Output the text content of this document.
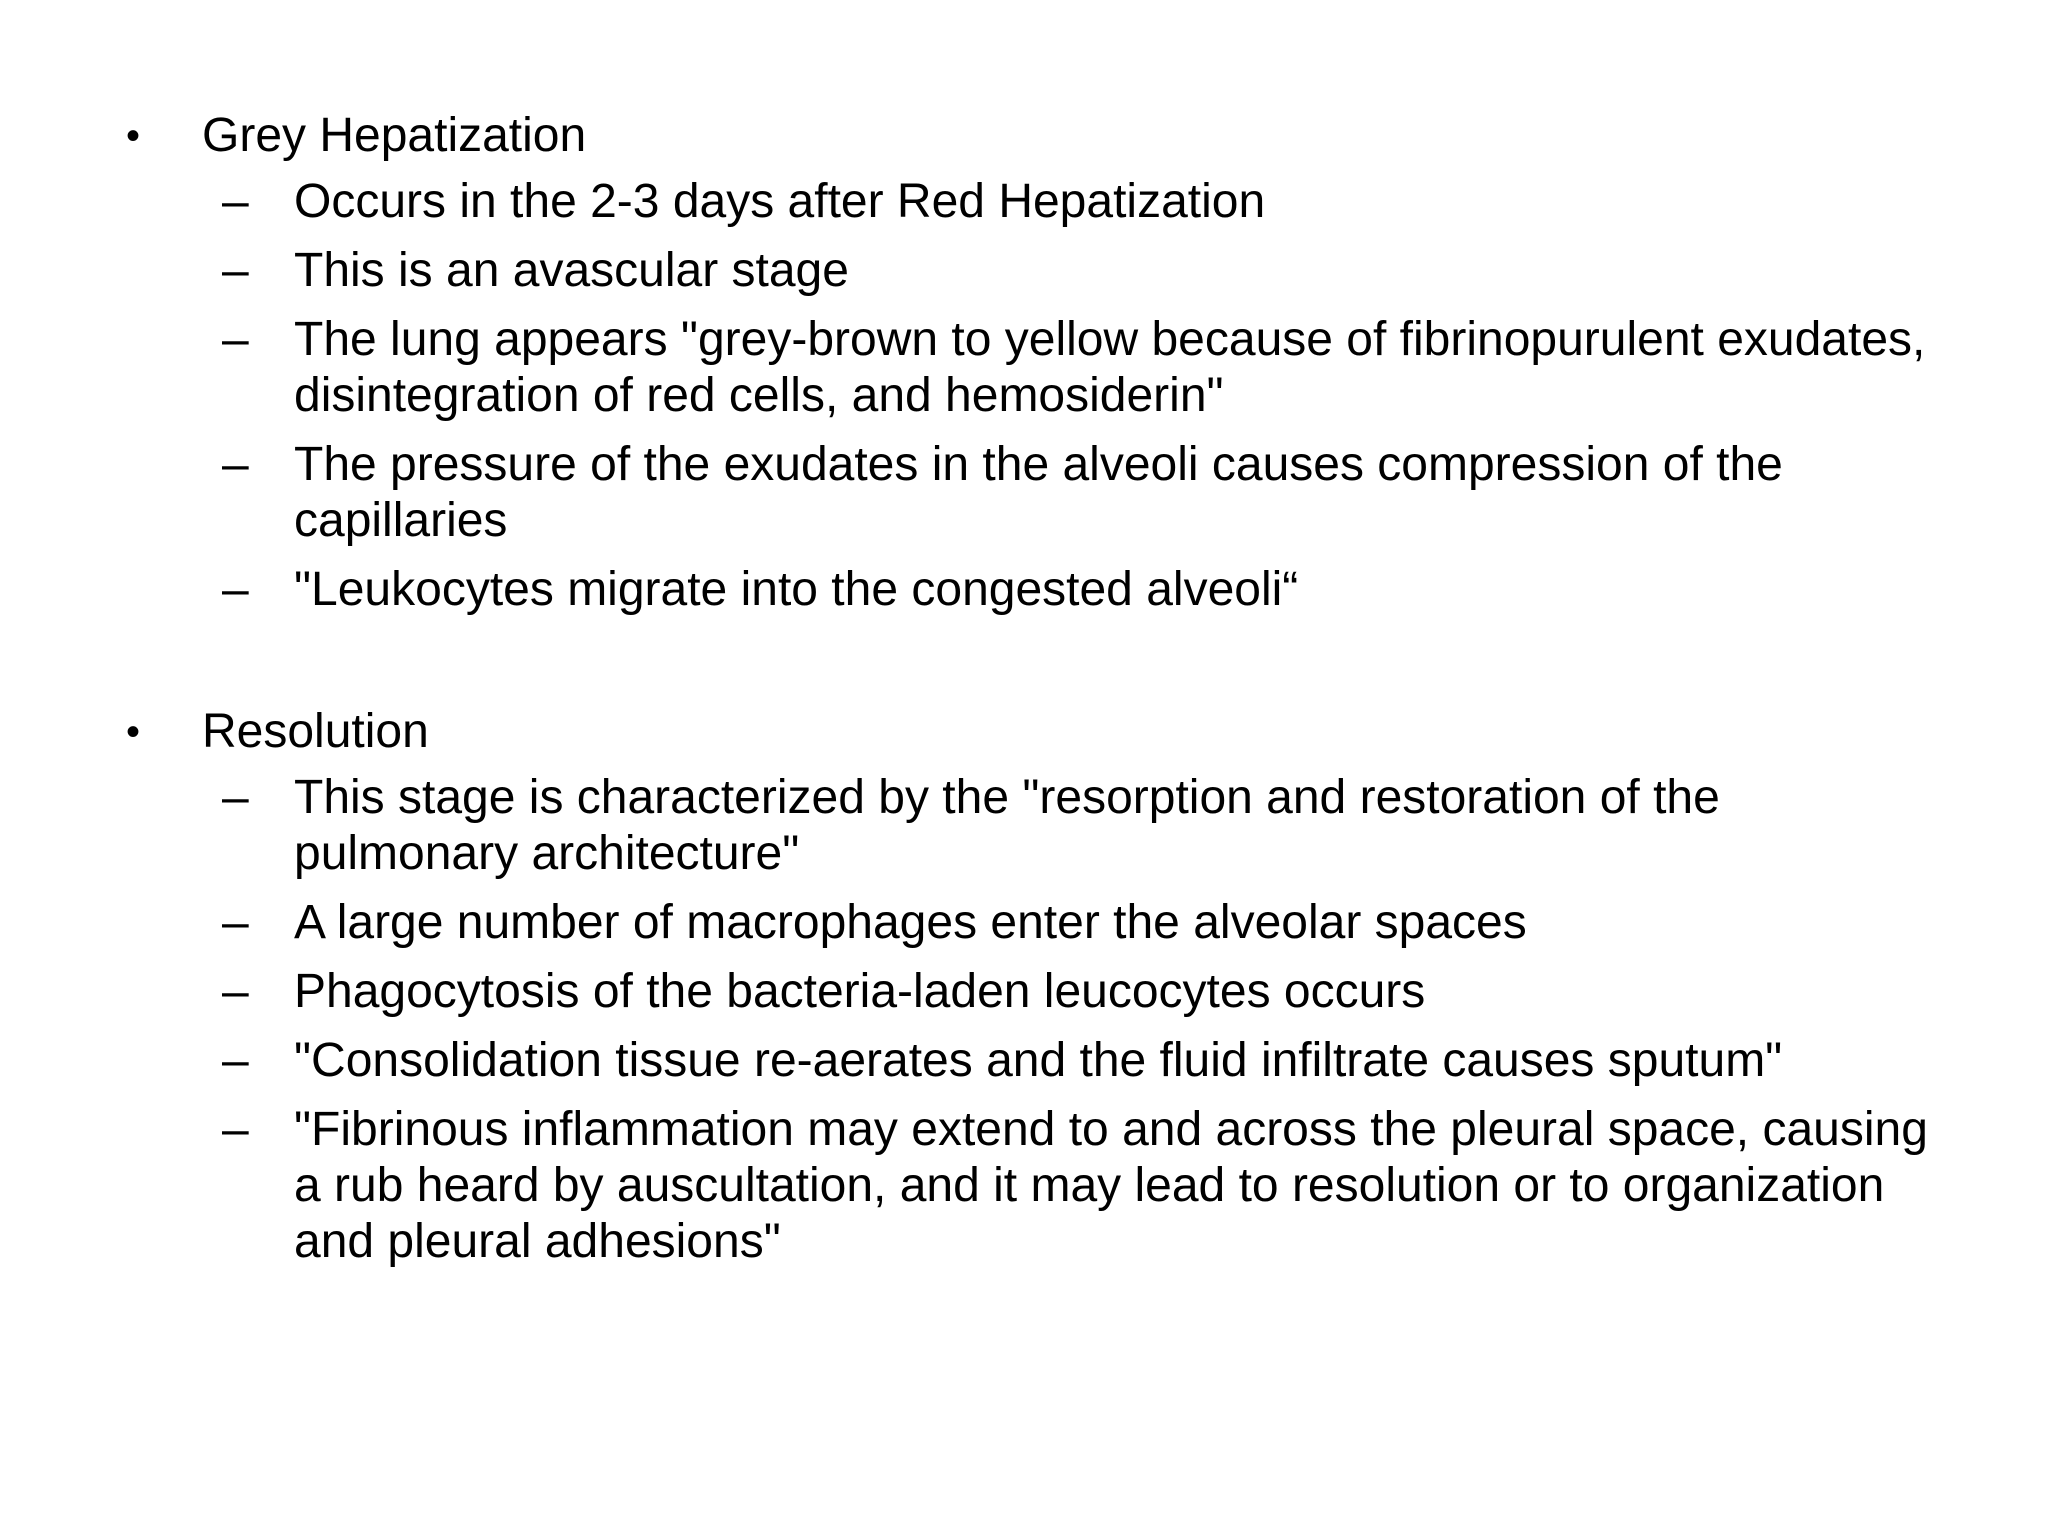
• Grey Hepatization
– Occurs in the 2-3 days after Red Hepatization
– This is an avascular stage
– The lung appears "grey-brown to yellow because of fibrinopurulent exudates, disintegration of red cells, and hemosiderin"
– The pressure of the exudates in the alveoli causes compression of the capillaries
– "Leukocytes migrate into the congested alveoli“
• Resolution
– This stage is characterized by the "resorption and restoration of the pulmonary architecture"
– A large number of macrophages enter the alveolar spaces
– Phagocytosis of the bacteria-laden leucocytes occurs
– "Consolidation tissue re-aerates and the fluid infiltrate causes sputum"
– "Fibrinous inflammation may extend to and across the pleural space, causing a rub heard by auscultation, and it may lead to resolution or to organization and pleural adhesions"
